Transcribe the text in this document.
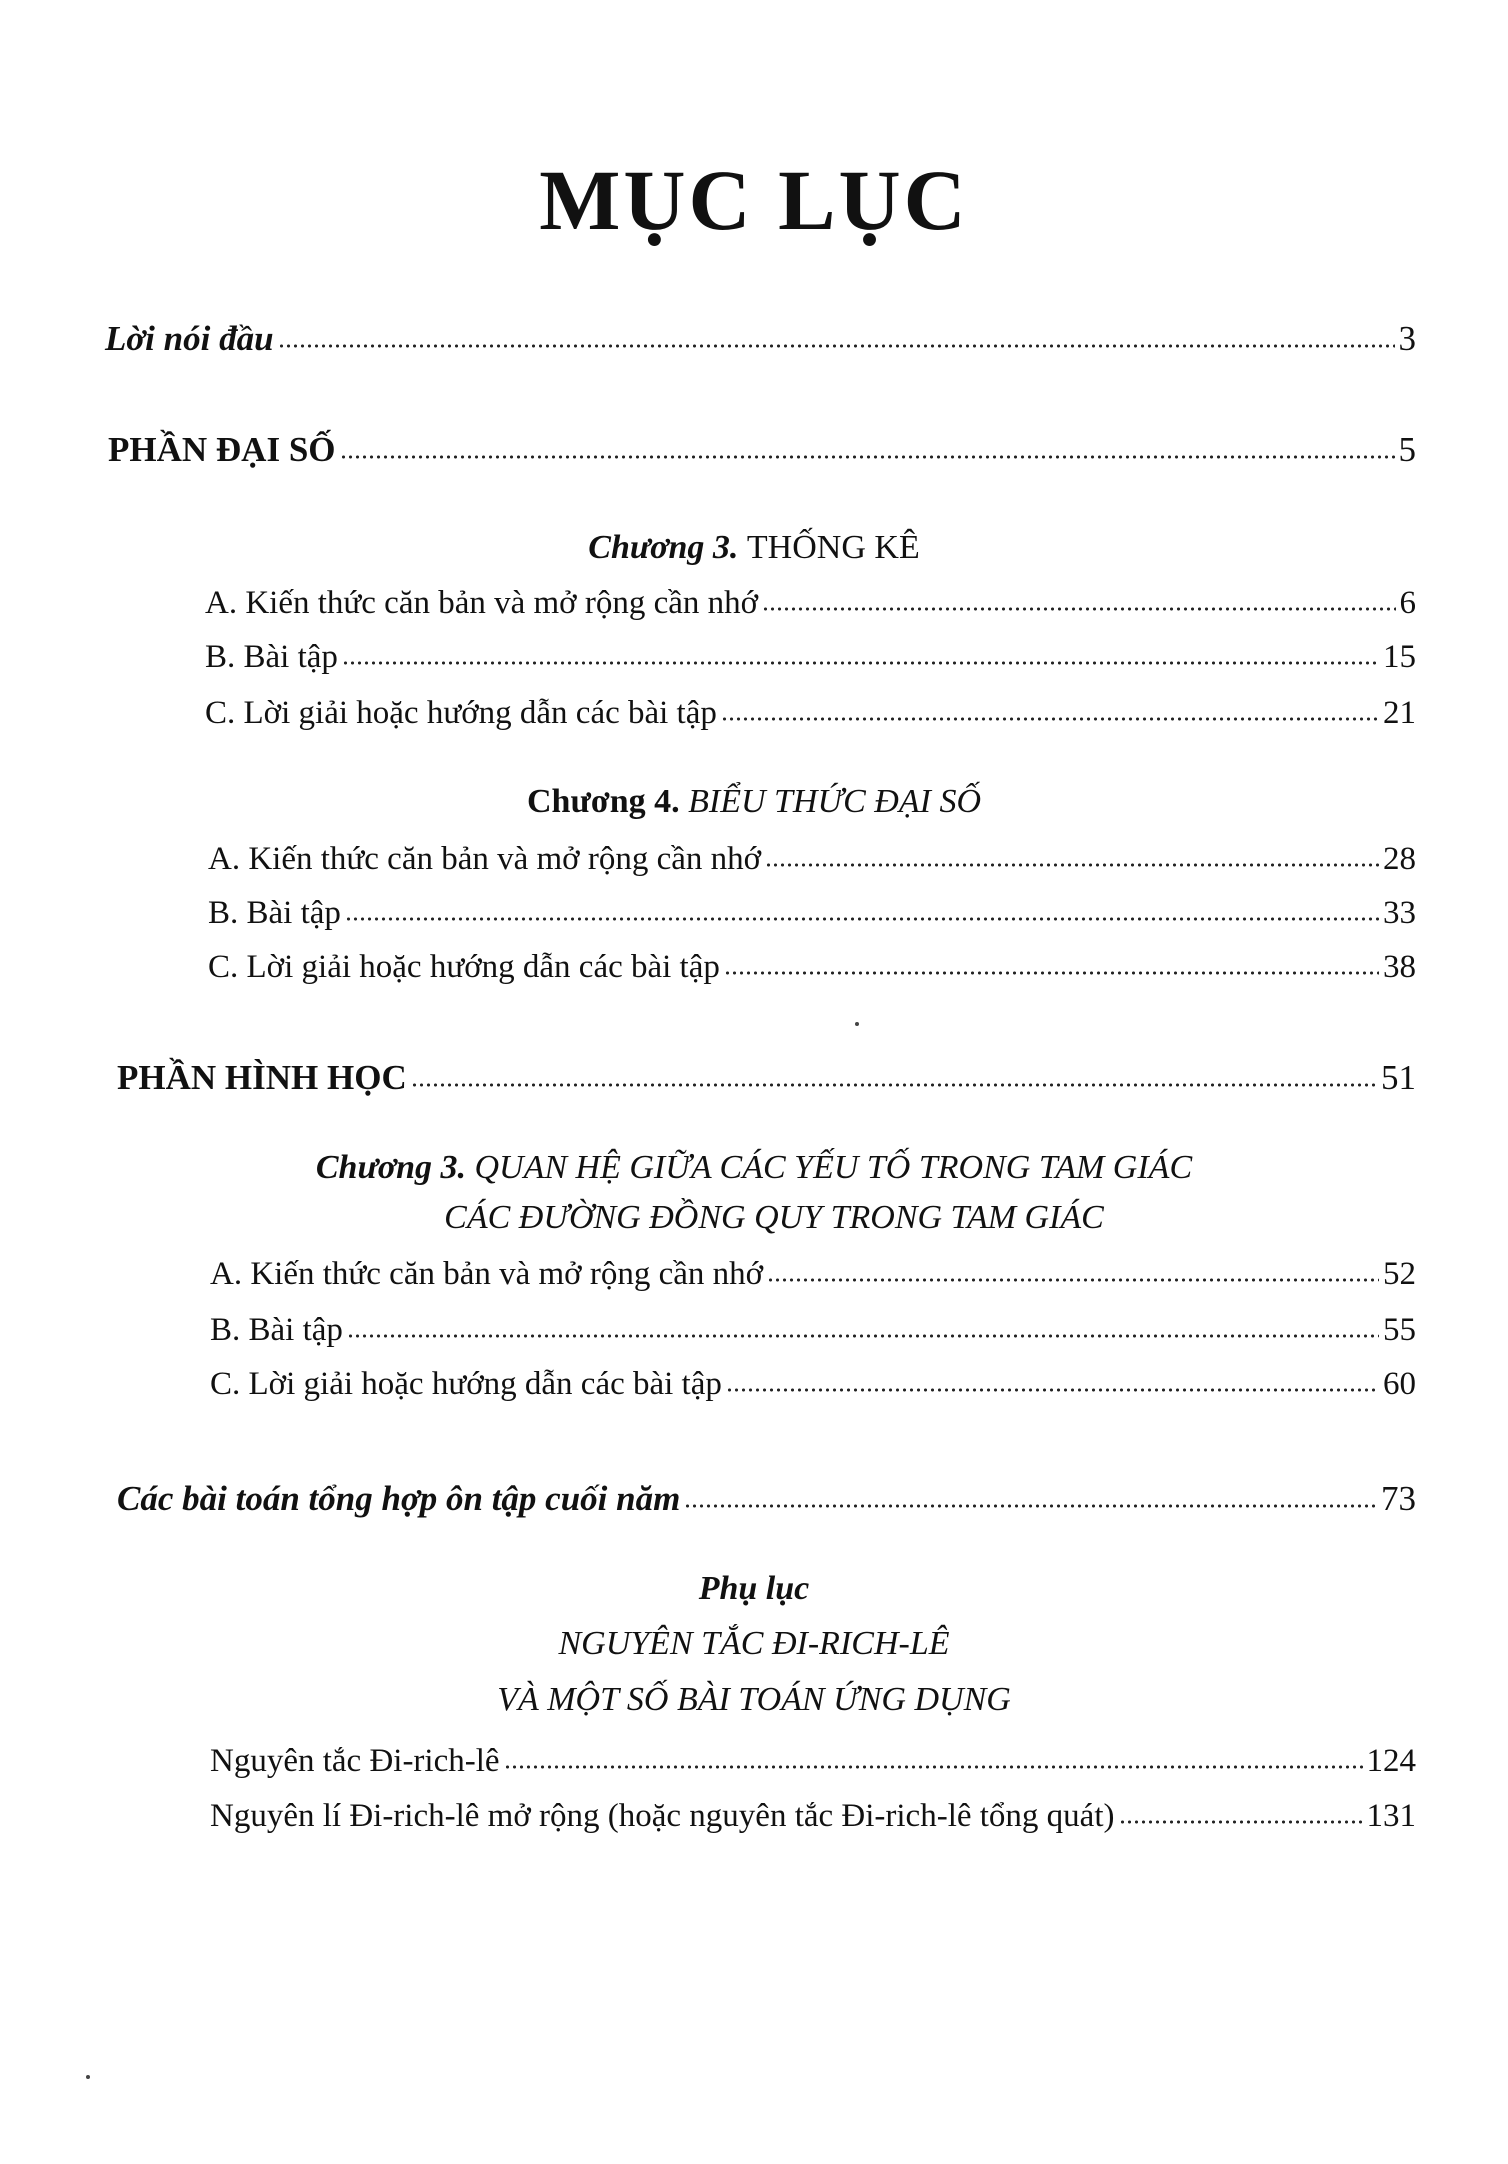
MỤC LỤC
Lời nói đầu	3
PHẦN ĐẠI SỐ	5
Chương 3. THỐNG KÊ
A. Kiến thức căn bản và mở rộng cần nhớ	6
B. Bài tập	15
C. Lời giải hoặc hướng dẫn các bài tập	21
Chương 4. BIỂU THỨC ĐẠI SỐ
A. Kiến thức căn bản và mở rộng cần nhớ	28
B. Bài tập	33
C. Lời giải hoặc hướng dẫn các bài tập	38
PHẦN HÌNH HỌC	51
Chương 3. QUAN HỆ GIỮA CÁC YẾU TỐ TRONG TAM GIÁC
CÁC ĐƯỜNG ĐỒNG QUY TRONG TAM GIÁC
A. Kiến thức căn bản và mở rộng cần nhớ	52
B. Bài tập	55
C. Lời giải hoặc hướng dẫn các bài tập	60
Các bài toán tổng hợp ôn tập cuối năm	73
Phụ lục
NGUYÊN TẮC ĐI-RICH-LÊ
VÀ MỘT SỐ BÀI TOÁN ỨNG DỤNG
Nguyên tắc Đi-rich-lê	124
Nguyên lí Đi-rich-lê mở rộng (hoặc nguyên tắc Đi-rich-lê tổng quát)	131
